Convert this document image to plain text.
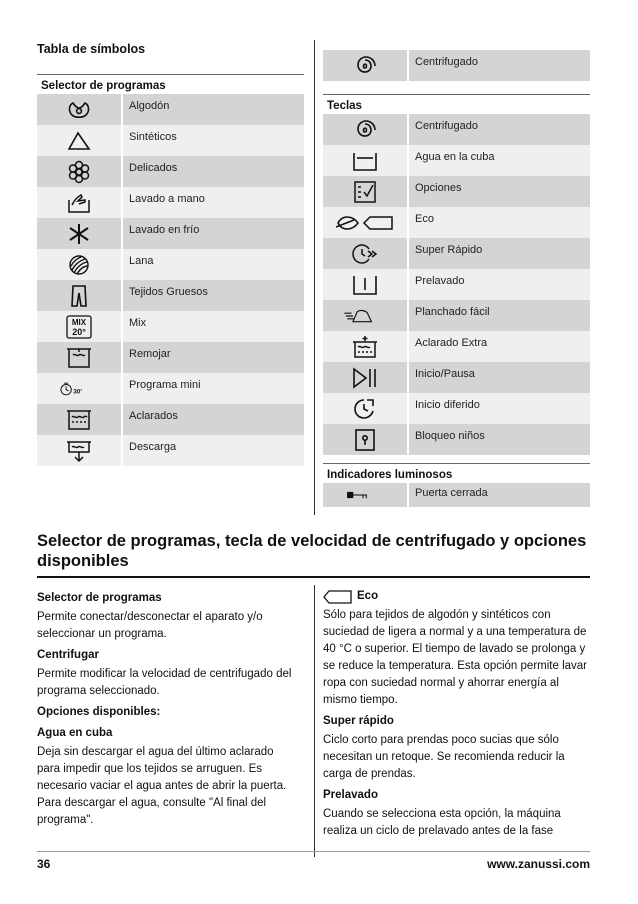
Tabla de símbolos
Selector de programas
Algodón
Sintéticos
Delicados
Lavado a mano
Lavado en frío
Lana
Tejidos Gruesos
MIX
20°
Mix
Remojar
30'
Programa mini
Aclarados
Descarga
Centrifugado
Teclas
Centrifugado
Agua en la cuba
Opciones
Eco
Super Rápido
Prelavado
Planchado fácil
Aclarado Extra
Inicio/Pausa
Inicio diferido
Bloqueo niños
Indicadores luminosos
Puerta cerrada
Selector de programas, tecla de velocidad de centrifugado y opciones disponibles
Selector de programas

Permite conectar/desconectar el aparato y/o seleccionar un programa.

Centrifugar

Permite modificar la velocidad de centrifugado del programa seleccionado.

Opciones disponibles:
Agua en cuba

Deja sin descargar el agua del último aclarado para impedir que los tejidos se arruguen. Es necesario vaciar el agua antes de abrir la puerta. Para descargar el agua, consulte "Al final del programa".

Eco

Sólo para tejidos de algodón y sintéticos con suciedad de ligera a normal y a una temperatura de 40 °C o superior. El tiempo de lavado se prolonga y se reduce la temperatura. Esta opción permite lavar ropa con suciedad normal y ahorrar energía al mismo tiempo.

Super rápido

Ciclo corto para prendas poco sucias que sólo necesitan un retoque. Se recomienda reducir la carga de prendas.

Prelavado

Cuando se selecciona esta opción, la máquina realiza un ciclo de prelavado antes de la fase

36	www.zanussi.com
